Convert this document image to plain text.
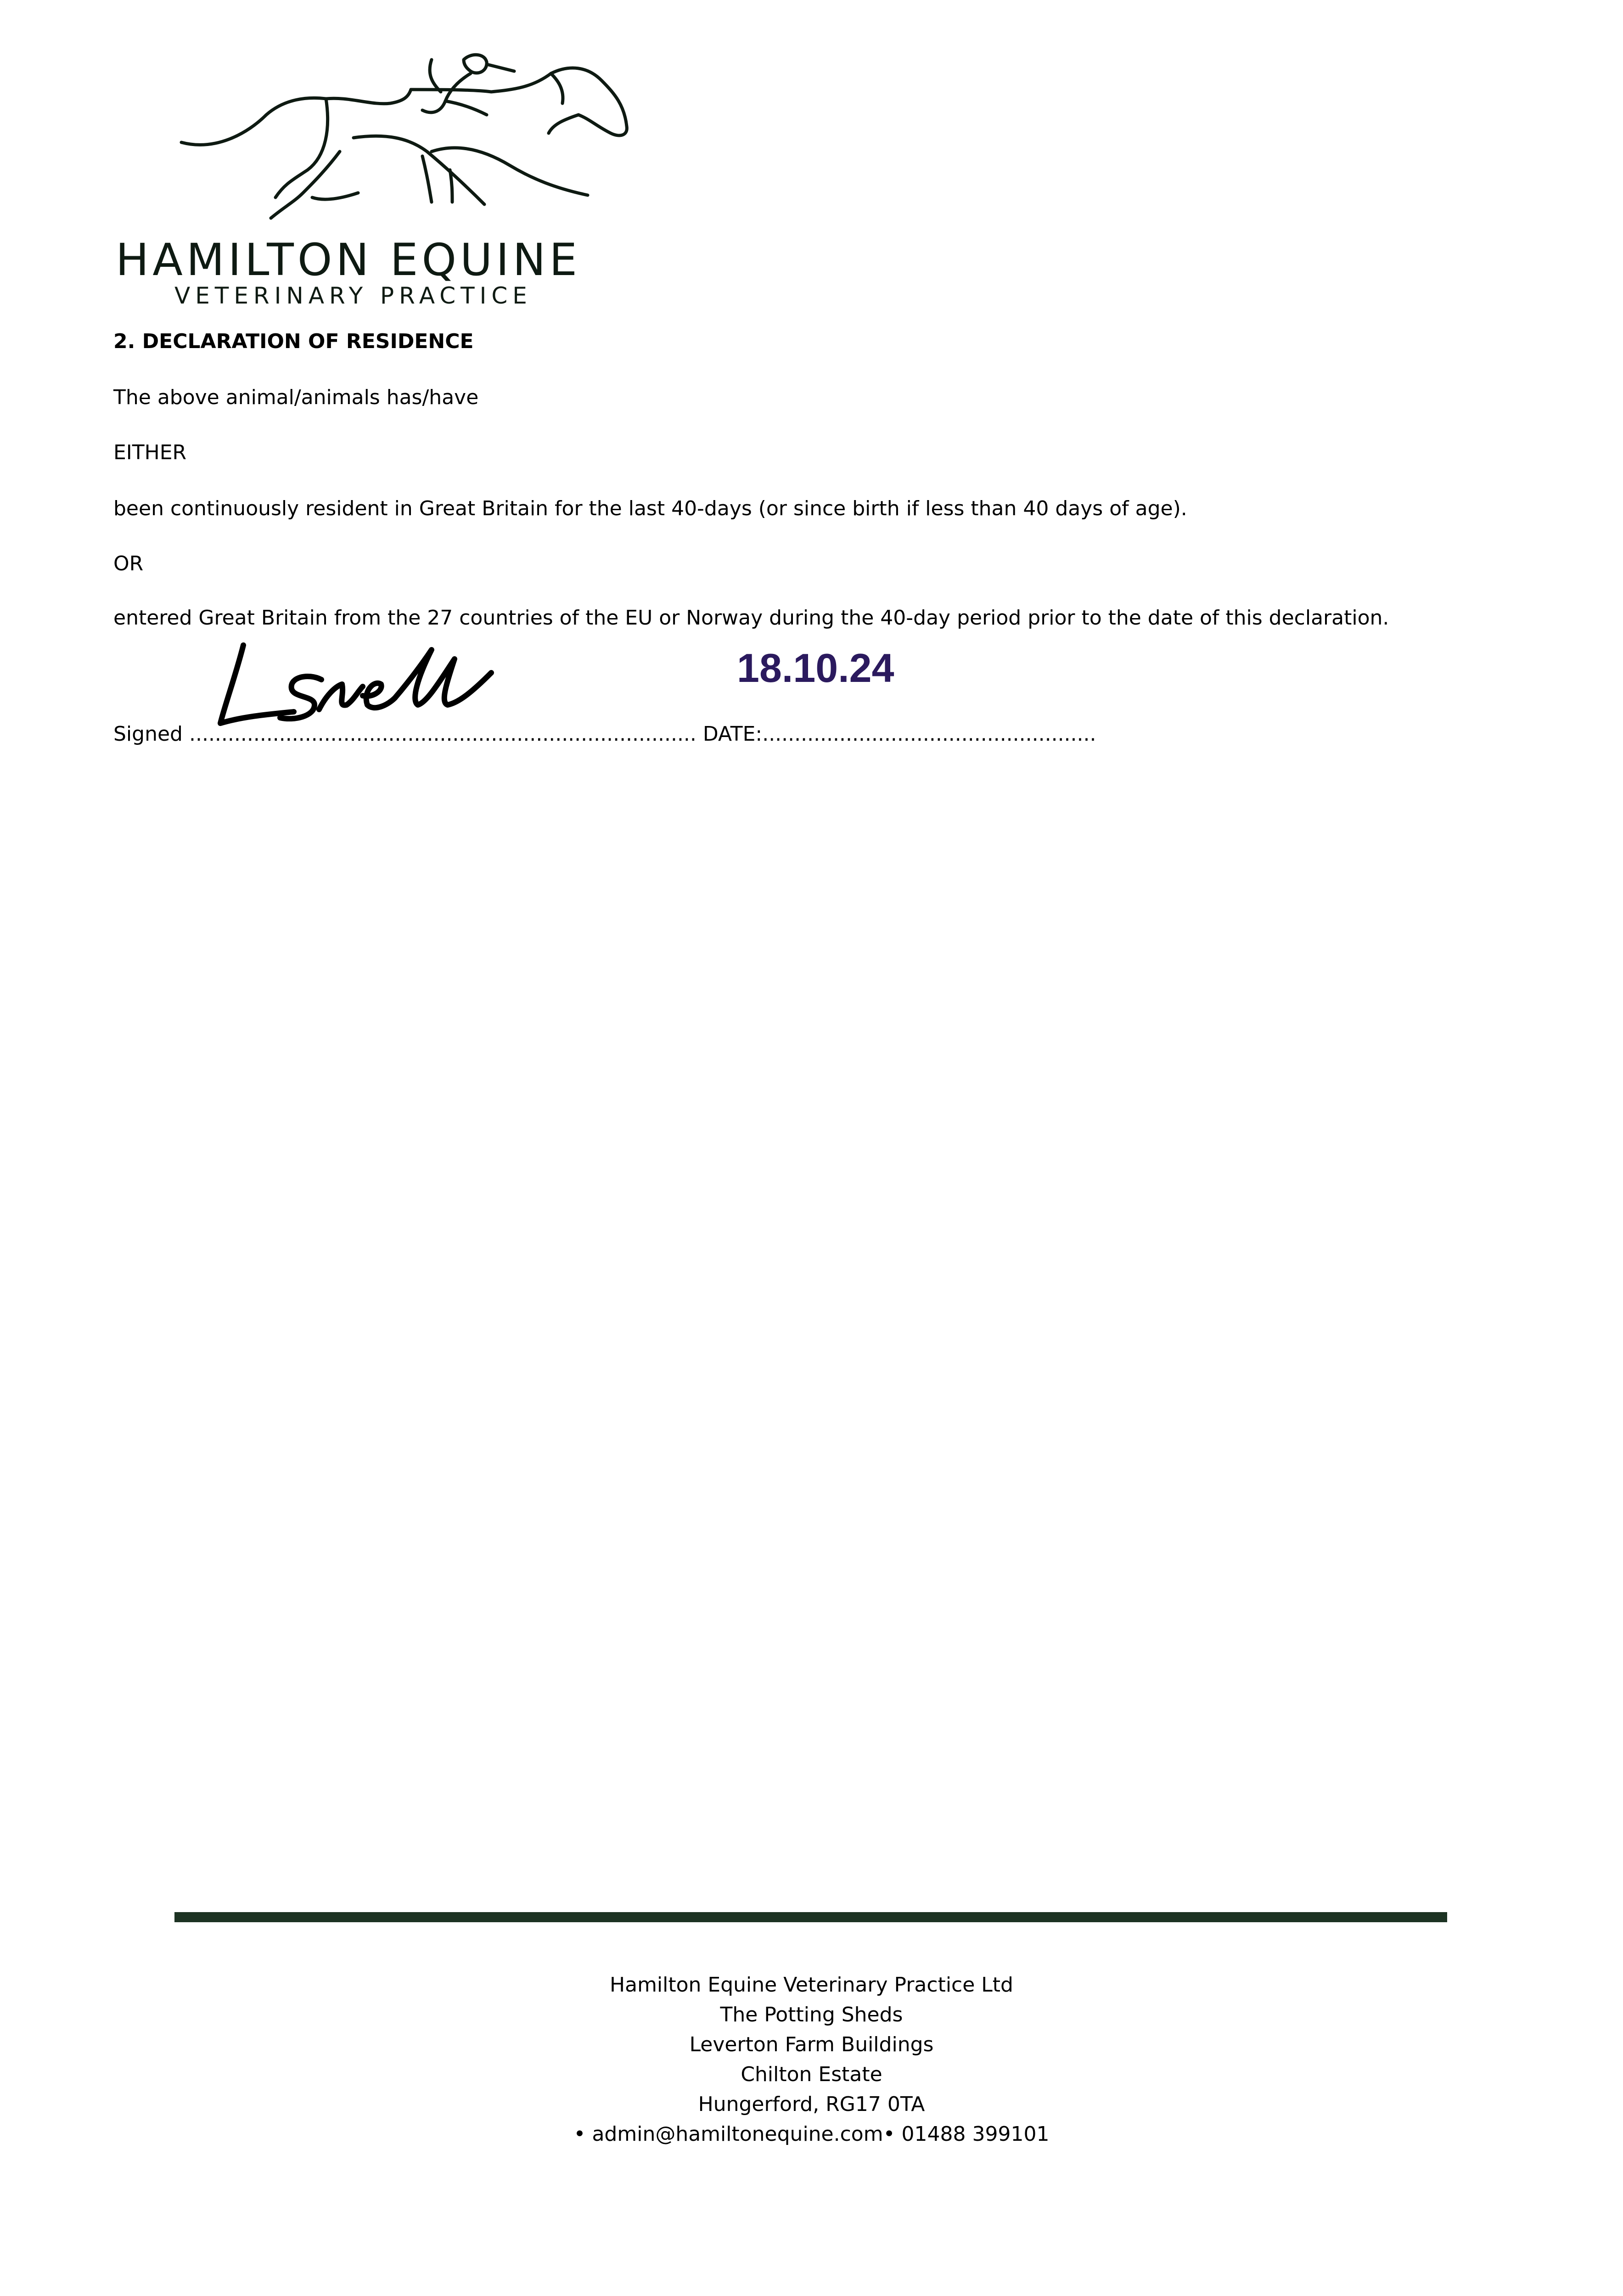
HAMILTON EQUINE
VETERINARY PRACTICE
2. DECLARATION OF RESIDENCE
The above animal/animals has/have
EITHER
been continuously resident in Great Britain for the last 40-days (or since birth if less than 40 days of age).
OR
entered Great Britain from the 27 countries of the EU or Norway during the 40-day period prior to the date of this declaration.
18.10.24
Signed ............................................................................... DATE:....................................................
Hamilton Equine Veterinary Practice Ltd
The Potting Sheds
Leverton Farm Buildings
Chilton Estate
Hungerford, RG17 0TA
• admin@hamiltonequine.com• 01488 399101
